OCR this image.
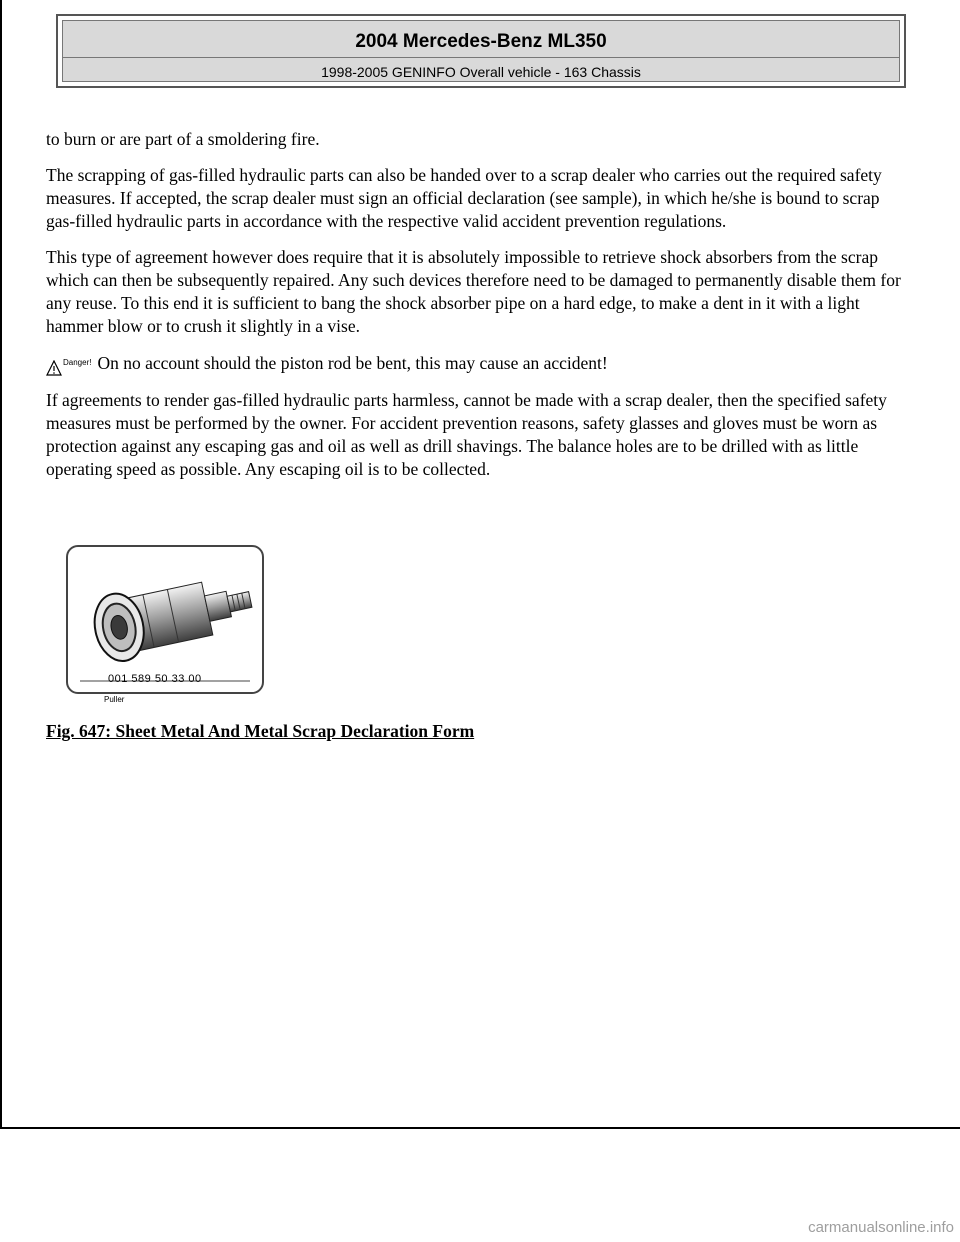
2004 Mercedes-Benz ML350
1998-2005 GENINFO Overall vehicle - 163 Chassis

to burn or are part of a smoldering fire.

The scrapping of gas-filled hydraulic parts can also be handed over to a scrap dealer who carries out the required safety measures. If accepted, the scrap dealer must sign an official declaration (see sample), in which he/she is bound to scrap gas-filled hydraulic parts in accordance with the respective valid accident prevention regulations.

This type of agreement however does require that it is absolutely impossible to retrieve shock absorbers from the scrap which can then be subsequently repaired. Any such devices therefore need to be damaged to permanently disable them for any reuse. To this end it is sufficient to bang the shock absorber pipe on a hard edge, to make a dent in it with a light hammer blow or to crush it slightly in a vise.

Danger! On no account should the piston rod be bent, this may cause an accident!

If agreements to render gas-filled hydraulic parts harmless, cannot be made with a scrap dealer, then the specified safety measures must be performed by the owner. For accident prevention reasons, safety glasses and gloves must be worn as protection against any escaping gas and oil as well as drill shavings. The balance holes are to be drilled with as little operating speed as possible. Any escaping oil is to be collected.

001 589 50 33 00
Puller
Fig. 647: Sheet Metal And Metal Scrap Declaration Form
carmanualsonline.info
